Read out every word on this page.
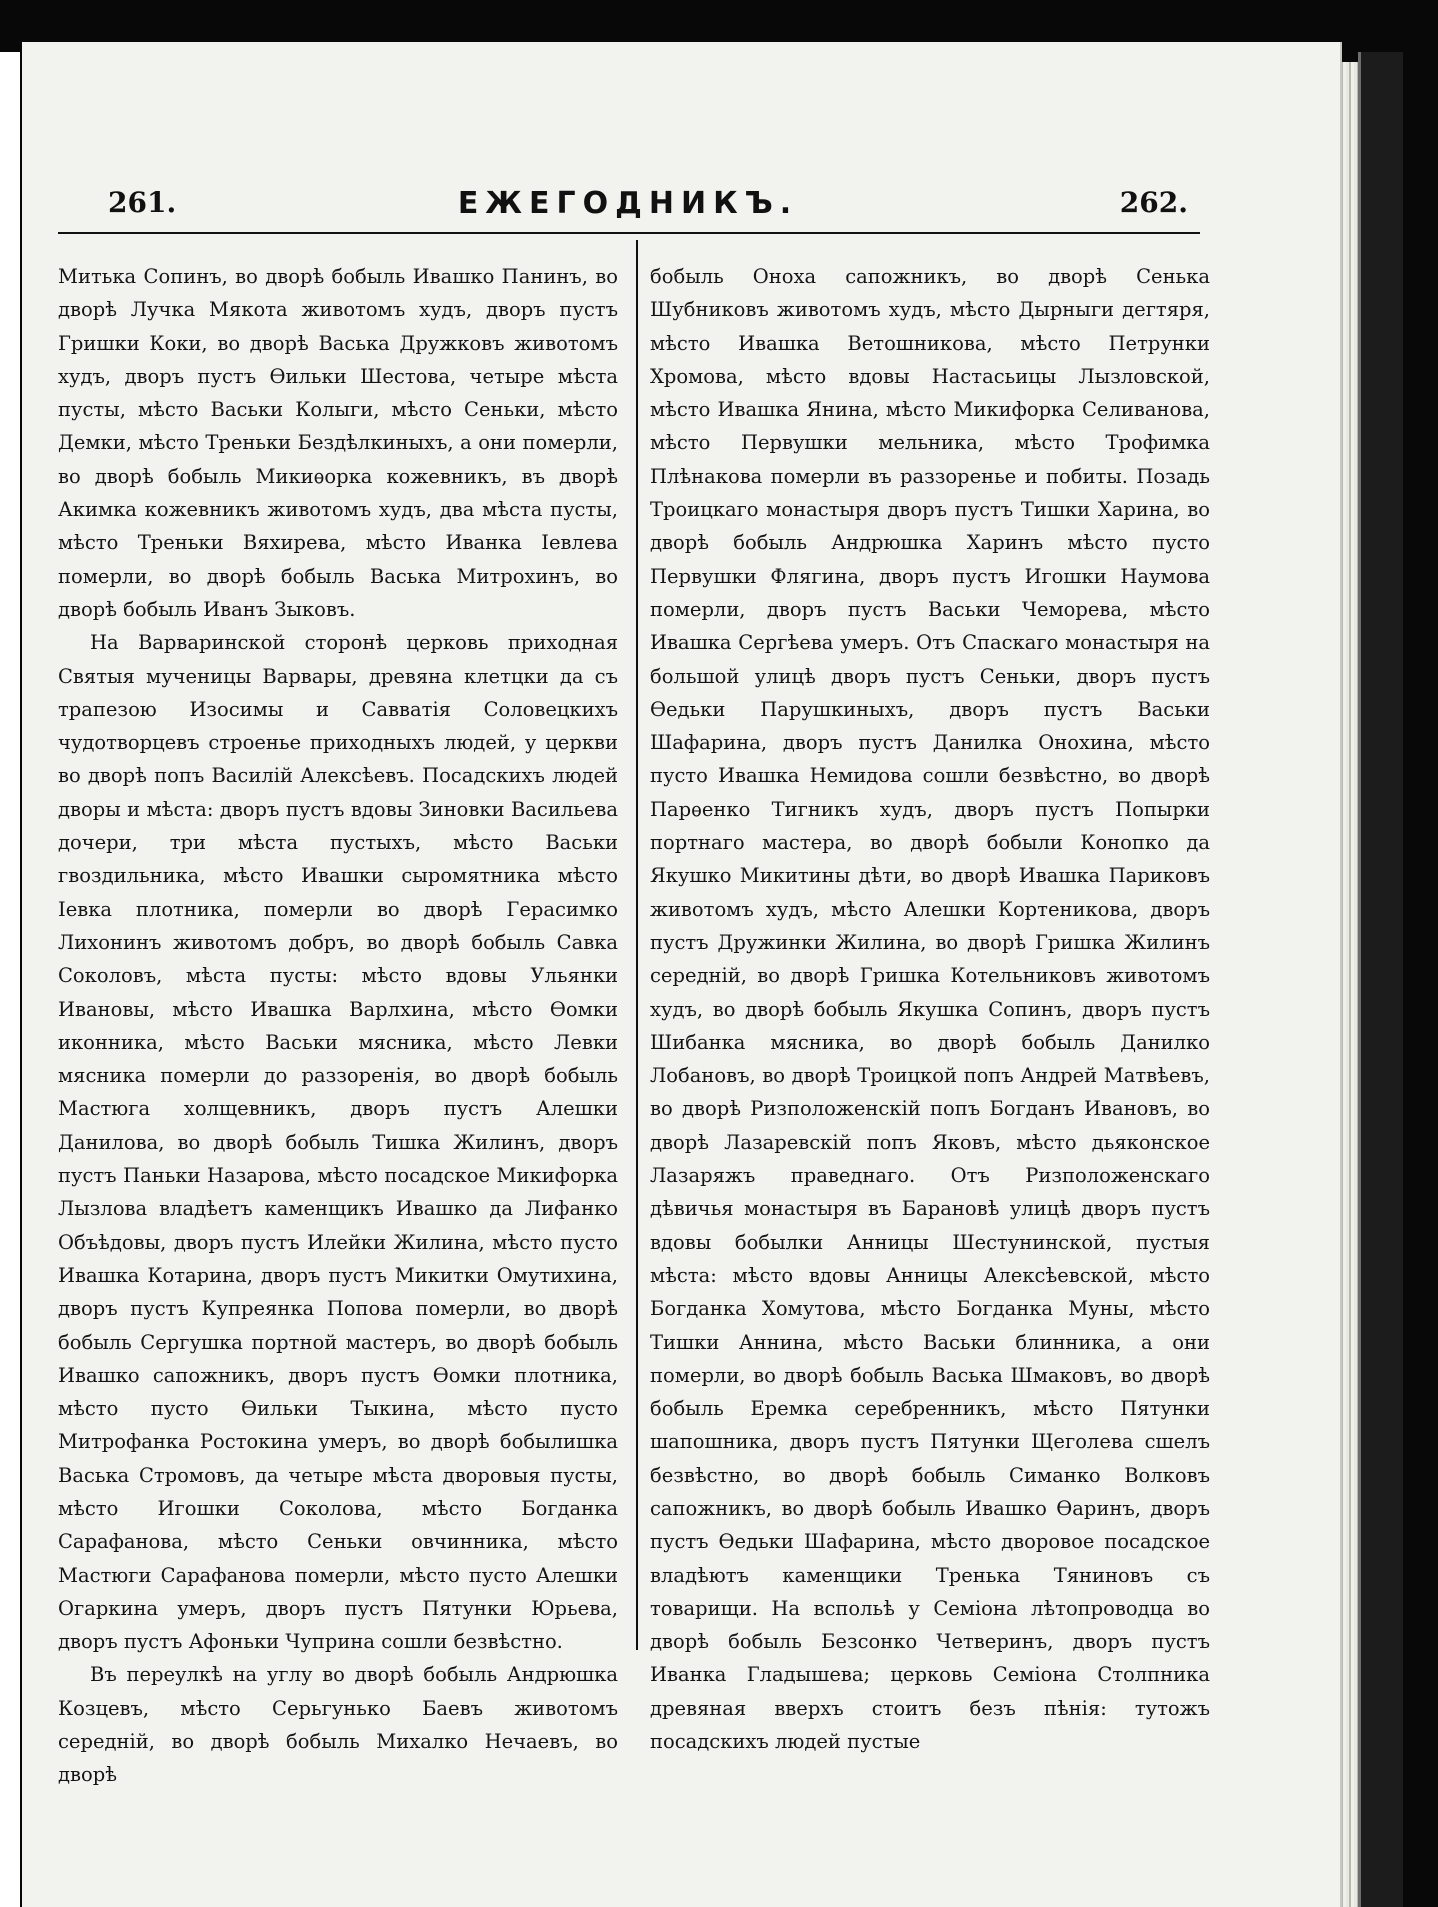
261.	ЕЖЕГОДНИКЪ.	262.

Митька Сопинъ, во дворѣ бобыль Ивашко Панинъ, во дворѣ Лучка Мякота животомъ худъ, дворъ пустъ Гришки Коки, во дворѣ Васька Дружковъ животомъ худъ, дворъ пустъ Ѳильки Шестова, четыре мѣста пусты, мѣсто Васьки Колыги, мѣсто Сеньки, мѣсто Демки, мѣсто Треньки Бездѣлкиныхъ, а они померли, во дворѣ бобыль Микиѳорка кожевникъ, въ дворѣ Акимка кожевникъ животомъ худъ, два мѣста пусты, мѣсто Треньки Вяхирева, мѣсто Иванка Іевлева померли, во дворѣ бобыль Васька Митрохинъ, во дворѣ бобыль Иванъ Зыковъ.

На Варваринской сторонѣ церковь приходная Святыя мученицы Варвары, древяна клетцки да съ трапезою Изосимы и Савватія Соловецкихъ чудотворцевъ строенье приходныхъ людей, у церкви во дворѣ попъ Василій Алексѣевъ. Посадскихъ людей дворы и мѣста: дворъ пустъ вдовы Зиновки Васильева дочери, три мѣста пустыхъ, мѣсто Васьки гвоздильника, мѣсто Ивашки сыромятника мѣсто Іевка плотника, померли во дворѣ Герасимко Лихонинъ животомъ добръ, во дворѣ бобыль Савка Соколовъ, мѣста пусты: мѣсто вдовы Ульянки Ивановы, мѣсто Ивашка Варлхина, мѣсто Ѳомки иконника, мѣсто Васьки мясника, мѣсто Левки мясника померли до раззоренія, во дворѣ бобыль Мастюга холщевникъ, дворъ пустъ Алешки Данилова, во дворѣ бобыль Тишка Жилинъ, дворъ пустъ Паньки Назарова, мѣсто посадское Микифорка Лызлова владѣетъ каменщикъ Ивашко да Лифанко Объѣдовы, дворъ пустъ Илейки Жилина, мѣсто пусто Ивашка Котарина, дворъ пустъ Микитки Омутихина, дворъ пустъ Купреянка Попова померли, во дворѣ бобыль Сергушка портной мастеръ, во дворѣ бобыль Ивашко сапожникъ, дворъ пустъ Ѳомки плотника, мѣсто пусто Ѳильки Тыкина, мѣсто пусто Митрофанка Ростокина умеръ, во дворѣ бобылишка Васька Стромовъ, да четыре мѣста дворовыя пусты, мѣсто Игошки Соколова, мѣсто Богданка Сарафанова, мѣсто Сеньки овчинника, мѣсто Мастюги Сарафанова померли, мѣсто пусто Алешки Огаркина умеръ, дворъ пустъ Пятунки Юрьева, дворъ пустъ Афоньки Чуприна сошли безвѣстно.

Въ переулкѣ на углу во дворѣ бобыль Андрюшка Козцевъ, мѣсто Серьгунько Баевъ животомъ середній, во дворѣ бобыль Михалко Нечаевъ, во дворѣ

бобыль Оноха сапожникъ, во дворѣ Сенька Шубниковъ животомъ худъ, мѣсто Дырныги дегтяря, мѣсто Ивашка Ветошникова, мѣсто Петрунки Хромова, мѣсто вдовы Настасьицы Лызловской, мѣсто Ивашка Янина, мѣсто Микифорка Селиванова, мѣсто Первушки мельника, мѣсто Трофимка Плѣнакова померли въ раззоренье и побиты. Позадь Троицкаго монастыря дворъ пустъ Тишки Харина, во дворѣ бобыль Андрюшка Харинъ мѣсто пусто Первушки Флягина, дворъ пустъ Игошки Наумова померли, дворъ пустъ Васьки Чеморева, мѣсто Ивашка Сергѣева умеръ. Отъ Спаскаго монастыря на большой улицѣ дворъ пустъ Сеньки, дворъ пустъ Ѳедьки Парушкиныхъ, дворъ пустъ Васьки Шафарина, дворъ пустъ Данилка Онохина, мѣсто пусто Ивашка Немидова сошли безвѣстно, во дворѣ Парѳенко Тигникъ худъ, дворъ пустъ Попырки портнаго мастера, во дворѣ бобыли Конопко да Якушко Микитины дѣти, во дворѣ Ивашка Париковъ животомъ худъ, мѣсто Алешки Кортеникова, дворъ пустъ Дружинки Жилина, во дворѣ Гришка Жилинъ середній, во дворѣ Гришка Котельниковъ животомъ худъ, во дворѣ бобыль Якушка Сопинъ, дворъ пустъ Шибанка мясника, во дворѣ бобыль Данилко Лобановъ, во дворѣ Троицкой попъ Андрей Матвѣевъ, во дворѣ Ризположенскій попъ Богданъ Ивановъ, во дворѣ Лазаревскій попъ Яковъ, мѣсто дьяконское Лазаряжъ праведнаго. Отъ Ризположенскаго дѣвичья монастыря въ Барановѣ улицѣ дворъ пустъ вдовы бобылки Анницы Шестунинской, пустыя мѣста: мѣсто вдовы Анницы Алексѣевской, мѣсто Богданка Хомутова, мѣсто Богданка Муны, мѣсто Тишки Аннина, мѣсто Васьки блинника, а они померли, во дворѣ бобыль Васька Шмаковъ, во дворѣ бобыль Еремка серебренникъ, мѣсто Пятунки шапошника, дворъ пустъ Пятунки Щеголева сшелъ безвѣстно, во дворѣ бобыль Симанко Волковъ сапожникъ, во дворѣ бобыль Ивашко Ѳаринъ, дворъ пустъ Ѳедьки Шафарина, мѣсто дворовое посадское владѣютъ каменщики Тренька Тяниновъ съ товарищи. На вспольѣ у Семіона лѣтопроводца во дворѣ бобыль Безсонко Четверинъ, дворъ пустъ Иванка Гладышева; церковь Семіона Столпника древяная вверхъ стоитъ безъ пѣнія: тутожъ посадскихъ людей пустые
